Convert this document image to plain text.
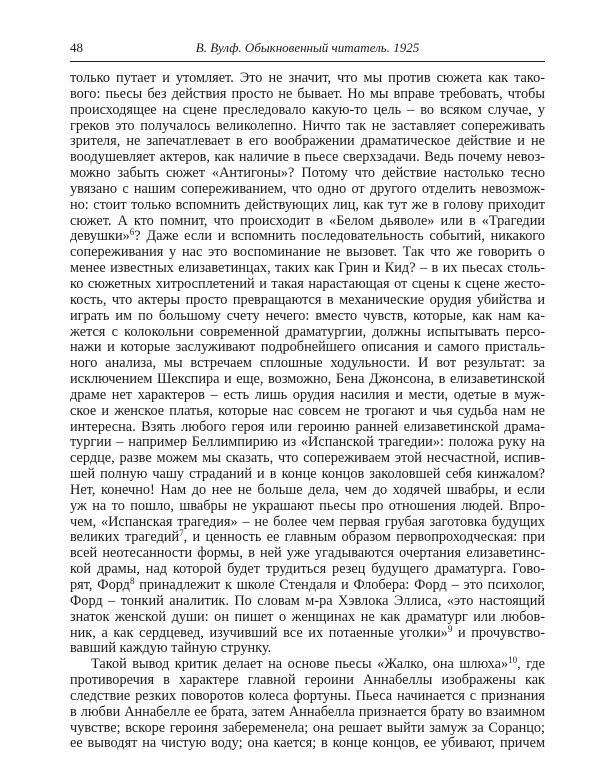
48	В. Вулф. Обыкновенный читатель. 1925
только путает и утомляет. Это не значит, что мы против сюжета как тако-
вого: пьесы без действия просто не бывает. Но мы вправе требовать, чтобы
происходящее на сцене преследовало какую-то цель – во всяком случае, у
греков это получалось великолепно. Ничто так не заставляет сопереживать
зрителя, не запечатлевает в его воображении драматическое действие и не
воодушевляет актеров, как наличие в пьесе сверхзадачи. Ведь почему невоз-
можно забыть сюжет «Антигоны»? Потому что действие настолько тесно
увязано с нашим сопереживанием, что одно от другого отделить невозмож-
но: стоит только вспомнить действующих лиц, как тут же в голову приходит
сюжет. А кто помнит, что происходит в «Белом дьяволе» или в «Трагедии
девушки»$^6$? Даже если и вспомнить последовательность событий, никакого
сопереживания у нас это воспоминание не вызовет. Так что же говорить о
менее известных елизаветинцах, таких как Грин и Кид? – в их пьесах столь-
ко сюжетных хитросплетений и такая нарастающая от сцены к сцене жесто-
кость, что актеры просто превращаются в механические орудия убийства и
играть им по большому счету нечего: вместо чувств, которые, как нам ка-
жется с колокольни современной драматургии, должны испытывать персо-
нажи и которые заслуживают подробнейшего описания и самого присталь-
ного анализа, мы встречаем сплошные ходульности. И вот результат: за
исключением Шекспира и еще, возможно, Бена Джонсона, в елизаветинской
драме нет характеров – есть лишь орудия насилия и мести, одетые в муж-
ское и женское платья, которые нас совсем не трогают и чья судьба нам не
интересна. Взять любого героя или героиню ранней елизаветинской драма-
тургии – например Беллимпирию из «Испанской трагедии»: положа руку на
сердце, разве можем мы сказать, что сопереживаем этой несчастной, испив-
шей полную чашу страданий и в конце концов заколовшей себя кинжалом?
Нет, конечно! Нам до нее не больше дела, чем до ходячей швабры, и если
уж на то пошло, швабры не украшают пьесы про отношения людей. Впро-
чем, «Испанская трагедия» – не более чем первая грубая заготовка будущих
великих трагедий$^7$, и ценность ее главным образом первопроходческая: при
всей неотесанности формы, в ней уже угадываются очертания елизаветинс-
кой драмы, над которой будет трудиться резец будущего драматурга. Гово-
рят, Форд$^8$ принадлежит к школе Стендаля и Флобера: Форд – это психолог,
Форд – тонкий аналитик. По словам м-ра Хэвлока Эллиса, «это настоящий
знаток женской души: он пишет о женщинах не как драматург или любов-
ник, а как сердцевед, изучивший все их потаенные уголки»$^9$ и прочувство-
вавший каждую тайную струнку.
Такой вывод критик делает на основе пьесы «Жалко, она шлюха»$^{10}$, где
противоречия в характере главной героини Аннабеллы изображены как
следствие резких поворотов колеса фортуны. Пьеса начинается с признания
в любви Аннабелле ее брата, затем Аннабелла признается брату во взаимном
чувстве; вскоре героиня забеременела; она решает выйти замуж за Соранцо;
ее выводят на чистую воду; она кается; в конце концов, ее убивают, причем
